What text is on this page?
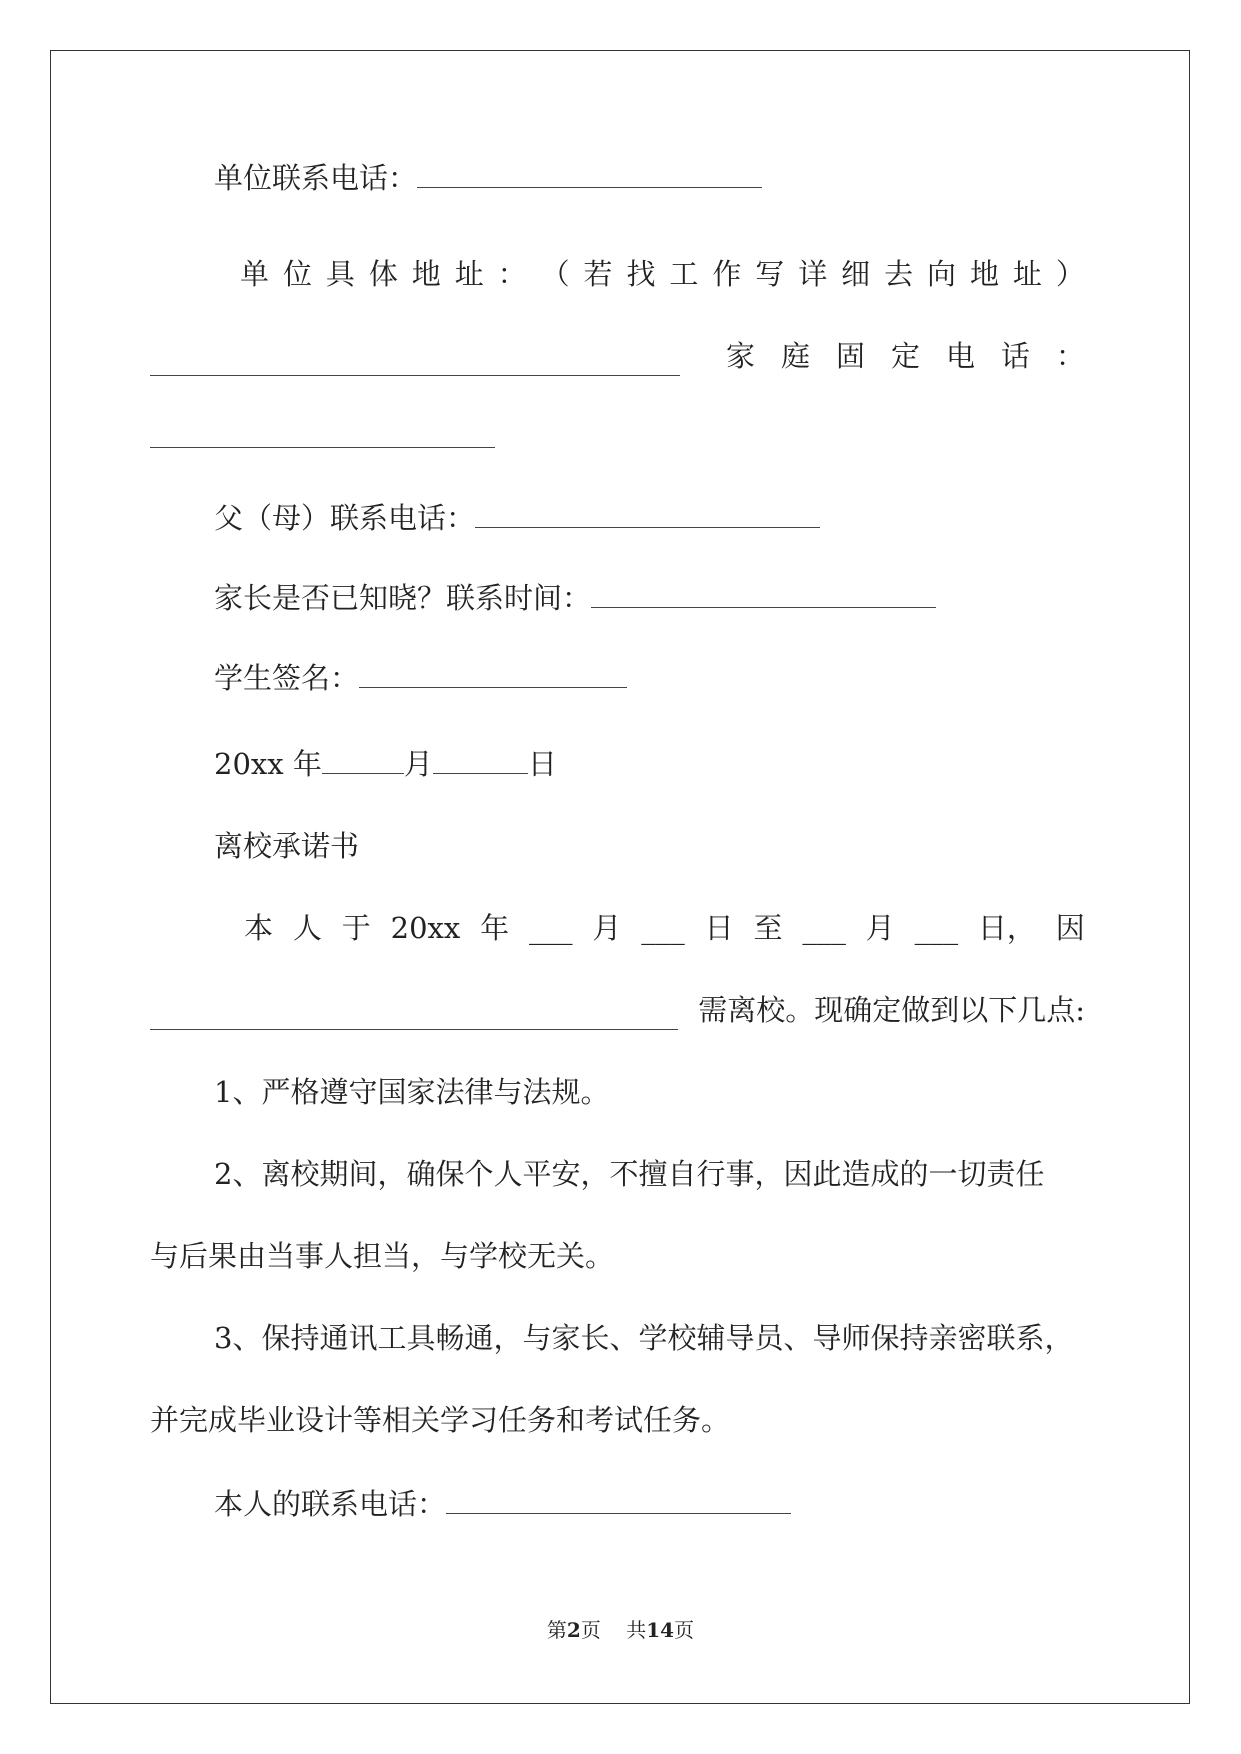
单位联系电话：
单 位 具 体 地 址 ： （ 若 找 工 作 写 详 细 去 向 地 址 ）
家 庭 固 定 电 话 ：
父（母）联系电话：
家长是否已知晓？联系时间：
学生签名：
20xx 年	月	日
离校承诺书
本 人 于 20xx 年 ___ 月 ___ 日 至 ___ 月 ___ 日， 因
需离校。现确定做到以下几点:
1、严格遵守国家法律与法规。
2、离校期间，确保个人平安，不擅自行事，因此造成的一切责任
与后果由当事人担当，与学校无关。
3、保持通讯工具畅通，与家长、学校辅导员、导师保持亲密联系，
并完成毕业设计等相关学习任务和考试任务。
本人的联系电话：
第2页 共14页
